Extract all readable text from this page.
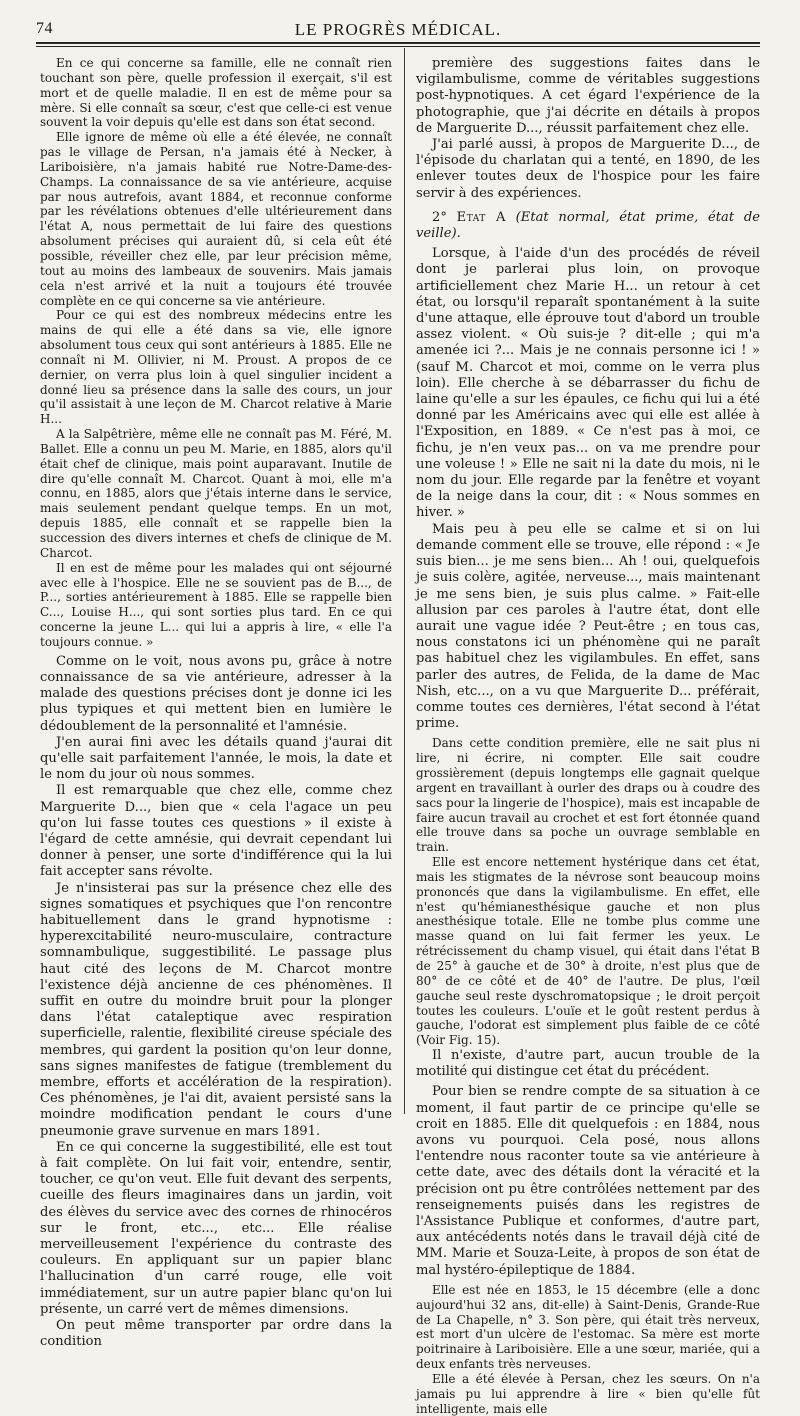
74	LE PROGRÈS MÉDICAL.

En ce qui concerne sa famille, elle ne connaît rien touchant son père, quelle profession il exerçait, s'il est mort et de quelle maladie. Il en est de même pour sa mère. Si elle connaît sa sœur, c'est que celle-ci est venue souvent la voir depuis qu'elle est dans son état second.

Elle ignore de même où elle a été élevée, ne connaît pas le village de Persan, n'a jamais été à Necker, à Lariboisière, n'a jamais habité rue Notre-Dame-des-Champs. La connaissance de sa vie antérieure, acquise par nous autrefois, avant 1884, et reconnue conforme par les révélations obtenues d'elle ultérieurement dans l'état A, nous permettait de lui faire des questions absolument précises qui auraient dû, si cela eût été possible, réveiller chez elle, par leur précision même, tout au moins des lambeaux de souvenirs. Mais jamais cela n'est arrivé et la nuit a toujours été trouvée complète en ce qui concerne sa vie antérieure.

Pour ce qui est des nombreux médecins entre les mains de qui elle a été dans sa vie, elle ignore absolument tous ceux qui sont antérieurs à 1885. Elle ne connaît ni M. Ollivier, ni M. Proust. A propos de ce dernier, on verra plus loin à quel singulier incident a donné lieu sa présence dans la salle des cours, un jour qu'il assistait à une leçon de M. Charcot relative à Marie H...

A la Salpêtrière, même elle ne connaît pas M. Féré, M. Ballet. Elle a connu un peu M. Marie, en 1885, alors qu'il était chef de clinique, mais point auparavant. Inutile de dire qu'elle connaît M. Charcot. Quant à moi, elle m'a connu, en 1885, alors que j'étais interne dans le service, mais seulement pendant quelque temps. En un mot, depuis 1885, elle connaît et se rappelle bien la succession des divers internes et chefs de clinique de M. Charcot.

Il en est de même pour les malades qui ont séjourné avec elle à l'hospice. Elle ne se souvient pas de B..., de P..., sorties antérieurement à 1885. Elle se rappelle bien C..., Louise H..., qui sont sorties plus tard. En ce qui concerne la jeune L... qui lui a appris à lire, « elle l'a toujours connue. »

Comme on le voit, nous avons pu, grâce à notre connaissance de sa vie antérieure, adresser à la malade des questions précises dont je donne ici les plus typiques et qui mettent bien en lumière le dédoublement de la personnalité et l'amnésie.

J'en aurai fini avec les détails quand j'aurai dit qu'elle sait parfaitement l'année, le mois, la date et le nom du jour où nous sommes.

Il est remarquable que chez elle, comme chez Marguerite D..., bien que « cela l'agace un peu qu'on lui fasse toutes ces questions » il existe à l'égard de cette amnésie, qui devrait cependant lui donner à penser, une sorte d'indifférence qui la lui fait accepter sans révolte.

Je n'insisterai pas sur la présence chez elle des signes somatiques et psychiques que l'on rencontre habituellement dans le grand hypnotisme : hyperexcitabilité neuro-musculaire, contracture somnambulique, suggestibilité. Le passage plus haut cité des leçons de M. Charcot montre l'existence déjà ancienne de ces phénomènes. Il suffit en outre du moindre bruit pour la plonger dans l'état cataleptique avec respiration superficielle, ralentie, flexibilité cireuse spéciale des membres, qui gardent la position qu'on leur donne, sans signes manifestes de fatigue (tremblement du membre, efforts et accélération de la respiration). Ces phénomènes, je l'ai dit, avaient persisté sans la moindre modification pendant le cours d'une pneumonie grave survenue en mars 1891.

En ce qui concerne la suggestibilité, elle est tout à fait complète. On lui fait voir, entendre, sentir, toucher, ce qu'on veut. Elle fuit devant des serpents, cueille des fleurs imaginaires dans un jardin, voit des élèves du service avec des cornes de rhinocéros sur le front, etc..., etc... Elle réalise merveilleusement l'expérience du contraste des couleurs. En appliquant sur un papier blanc l'hallucination d'un carré rouge, elle voit immédiatement, sur un autre papier blanc qu'on lui présente, un carré vert de mêmes dimensions.

On peut même transporter par ordre dans la condition

première des suggestions faites dans le vigilambulisme, comme de véritables suggestions post-hypnotiques. A cet égard l'expérience de la photographie, que j'ai décrite en détails à propos de Marguerite D..., réussit parfaitement chez elle.

J'ai parlé aussi, à propos de Marguerite D..., de l'épisode du charlatan qui a tenté, en 1890, de les enlever toutes deux de l'hospice pour les faire servir à des expériences.

2° Etat A (Etat normal, état prime, état de veille).

Lorsque, à l'aide d'un des procédés de réveil dont je parlerai plus loin, on provoque artificiellement chez Marie H... un retour à cet état, ou lorsqu'il reparaît spontanément à la suite d'une attaque, elle éprouve tout d'abord un trouble assez violent. « Où suis-je ? dit-elle ; qui m'a amenée ici ?... Mais je ne connais personne ici ! » (sauf M. Charcot et moi, comme on le verra plus loin). Elle cherche à se débarrasser du fichu de laine qu'elle a sur les épaules, ce fichu qui lui a été donné par les Américains avec qui elle est allée à l'Exposition, en 1889. « Ce n'est pas à moi, ce fichu, je n'en veux pas... on va me prendre pour une voleuse ! » Elle ne sait ni la date du mois, ni le nom du jour. Elle regarde par la fenêtre et voyant de la neige dans la cour, dit : « Nous sommes en hiver. »

Mais peu à peu elle se calme et si on lui demande comment elle se trouve, elle répond : « Je suis bien... je me sens bien... Ah ! oui, quelquefois je suis colère, agitée, nerveuse..., mais maintenant je me sens bien, je suis plus calme. » Fait-elle allusion par ces paroles à l'autre état, dont elle aurait une vague idée ? Peut-être ; en tous cas, nous constatons ici un phénomène qui ne paraît pas habituel chez les vigilambules. En effet, sans parler des autres, de Felida, de la dame de Mac Nish, etc..., on a vu que Marguerite D... préférait, comme toutes ces dernières, l'état second à l'état prime.

Dans cette condition première, elle ne sait plus ni lire, ni écrire, ni compter. Elle sait coudre grossièrement (depuis longtemps elle gagnait quelque argent en travaillant à ourler des draps ou à coudre des sacs pour la lingerie de l'hospice), mais est incapable de faire aucun travail au crochet et est fort étonnée quand elle trouve dans sa poche un ouvrage semblable en train.

Elle est encore nettement hystérique dans cet état, mais les stigmates de la névrose sont beaucoup moins prononcés que dans la vigilambulisme. En effet, elle n'est qu'hémianesthésique gauche et non plus anesthésique totale. Elle ne tombe plus comme une masse quand on lui fait fermer les yeux. Le rétrécissement du champ visuel, qui était dans l'état B de 25° à gauche et de 30° à droite, n'est plus que de 80° de ce côté et de 40° de l'autre. De plus, l'œil gauche seul reste dyschromatopsique ; le droit perçoit toutes les couleurs. L'ouïe et le goût restent perdus à gauche, l'odorat est simplement plus faible de ce côté (Voir Fig. 15).

Il n'existe, d'autre part, aucun trouble de la motilité qui distingue cet état du précédent.

Pour bien se rendre compte de sa situation à ce moment, il faut partir de ce principe qu'elle se croit en 1885. Elle dit quelquefois : en 1884, nous avons vu pourquoi. Cela posé, nous allons l'entendre nous raconter toute sa vie antérieure à cette date, avec des détails dont la véracité et la précision ont pu être contrôlées nettement par des renseignements puisés dans les registres de l'Assistance Publique et conformes, d'autre part, aux antécédents notés dans le travail déjà cité de MM. Marie et Souza-Leite, à propos de son état de mal hystéro-épileptique de 1884.

Elle est née en 1853, le 15 décembre (elle a donc aujourd'hui 32 ans, dit-elle) à Saint-Denis, Grande-Rue de La Chapelle, n° 3. Son père, qui était très nerveux, est mort d'un ulcère de l'estomac. Sa mère est morte poitrinaire à Lariboisière. Elle a une sœur, mariée, qui a deux enfants très nerveuses.

Elle a été élevée à Persan, chez les sœurs. On n'a jamais pu lui apprendre à lire « bien qu'elle fût intelligente, mais elle
